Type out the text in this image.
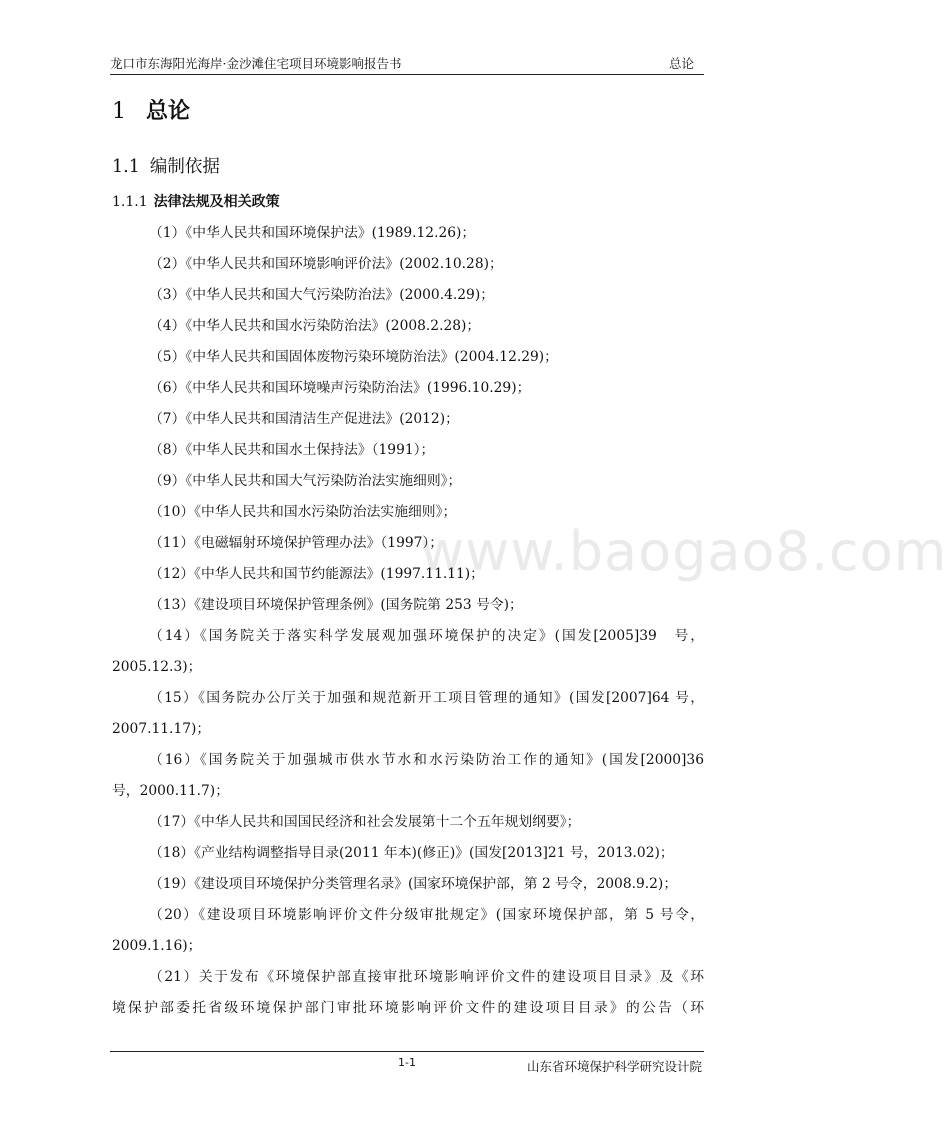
龙口市东海阳光海岸·金沙滩住宅项目环境影响报告书	总论
www.baogao8.com
1 总论
1.1 编制依据
1.1.1 法律法规及相关政策
（1）《中华人民共和国环境保护法》(1989.12.26)；
（2）《中华人民共和国环境影响评价法》(2002.10.28)；
（3）《中华人民共和国大气污染防治法》(2000.4.29)；
（4）《中华人民共和国水污染防治法》(2008.2.28)；
（5）《中华人民共和国固体废物污染环境防治法》(2004.12.29)；
（6）《中华人民共和国环境噪声污染防治法》(1996.10.29)；
（7）《中华人民共和国清洁生产促进法》(2012)；
（8）《中华人民共和国水土保持法》（1991）；
（9）《中华人民共和国大气污染防治法实施细则》；
（10）《中华人民共和国水污染防治法实施细则》；
（11）《电磁辐射环境保护管理办法》（1997）；
（12）《中华人民共和国节约能源法》(1997.11.11)；
（13）《建设项目环境保护管理条例》(国务院第 253 号令)；
（14）《国务院关于落实科学发展观加强环境保护的决定》(国发[2005]39　号，
2005.12.3)；
（15）《国务院办公厅关于加强和规范新开工项目管理的通知》(国发[2007]64 号，
2007.11.17)；
（16）《国务院关于加强城市供水节水和水污染防治工作的通知》(国发[2000]36
号，2000.11.7)；
（17）《中华人民共和国国民经济和社会发展第十二个五年规划纲要》；
（18）《产业结构调整指导目录(2011 年本)(修正)》(国发[2013]21 号，2013.02)；
（19）《建设项目环境保护分类管理名录》(国家环境保护部，第 2 号令，2008.9.2)；
（20）《建设项目环境影响评价文件分级审批规定》(国家环境保护部，第 5 号令，
2009.1.16)；
（21）关于发布《环境保护部直接审批环境影响评价文件的建设项目目录》及《环
境保护部委托省级环境保护部门审批环境影响评价文件的建设项目目录》的公告（环
1-1	山东省环境保护科学研究设计院
